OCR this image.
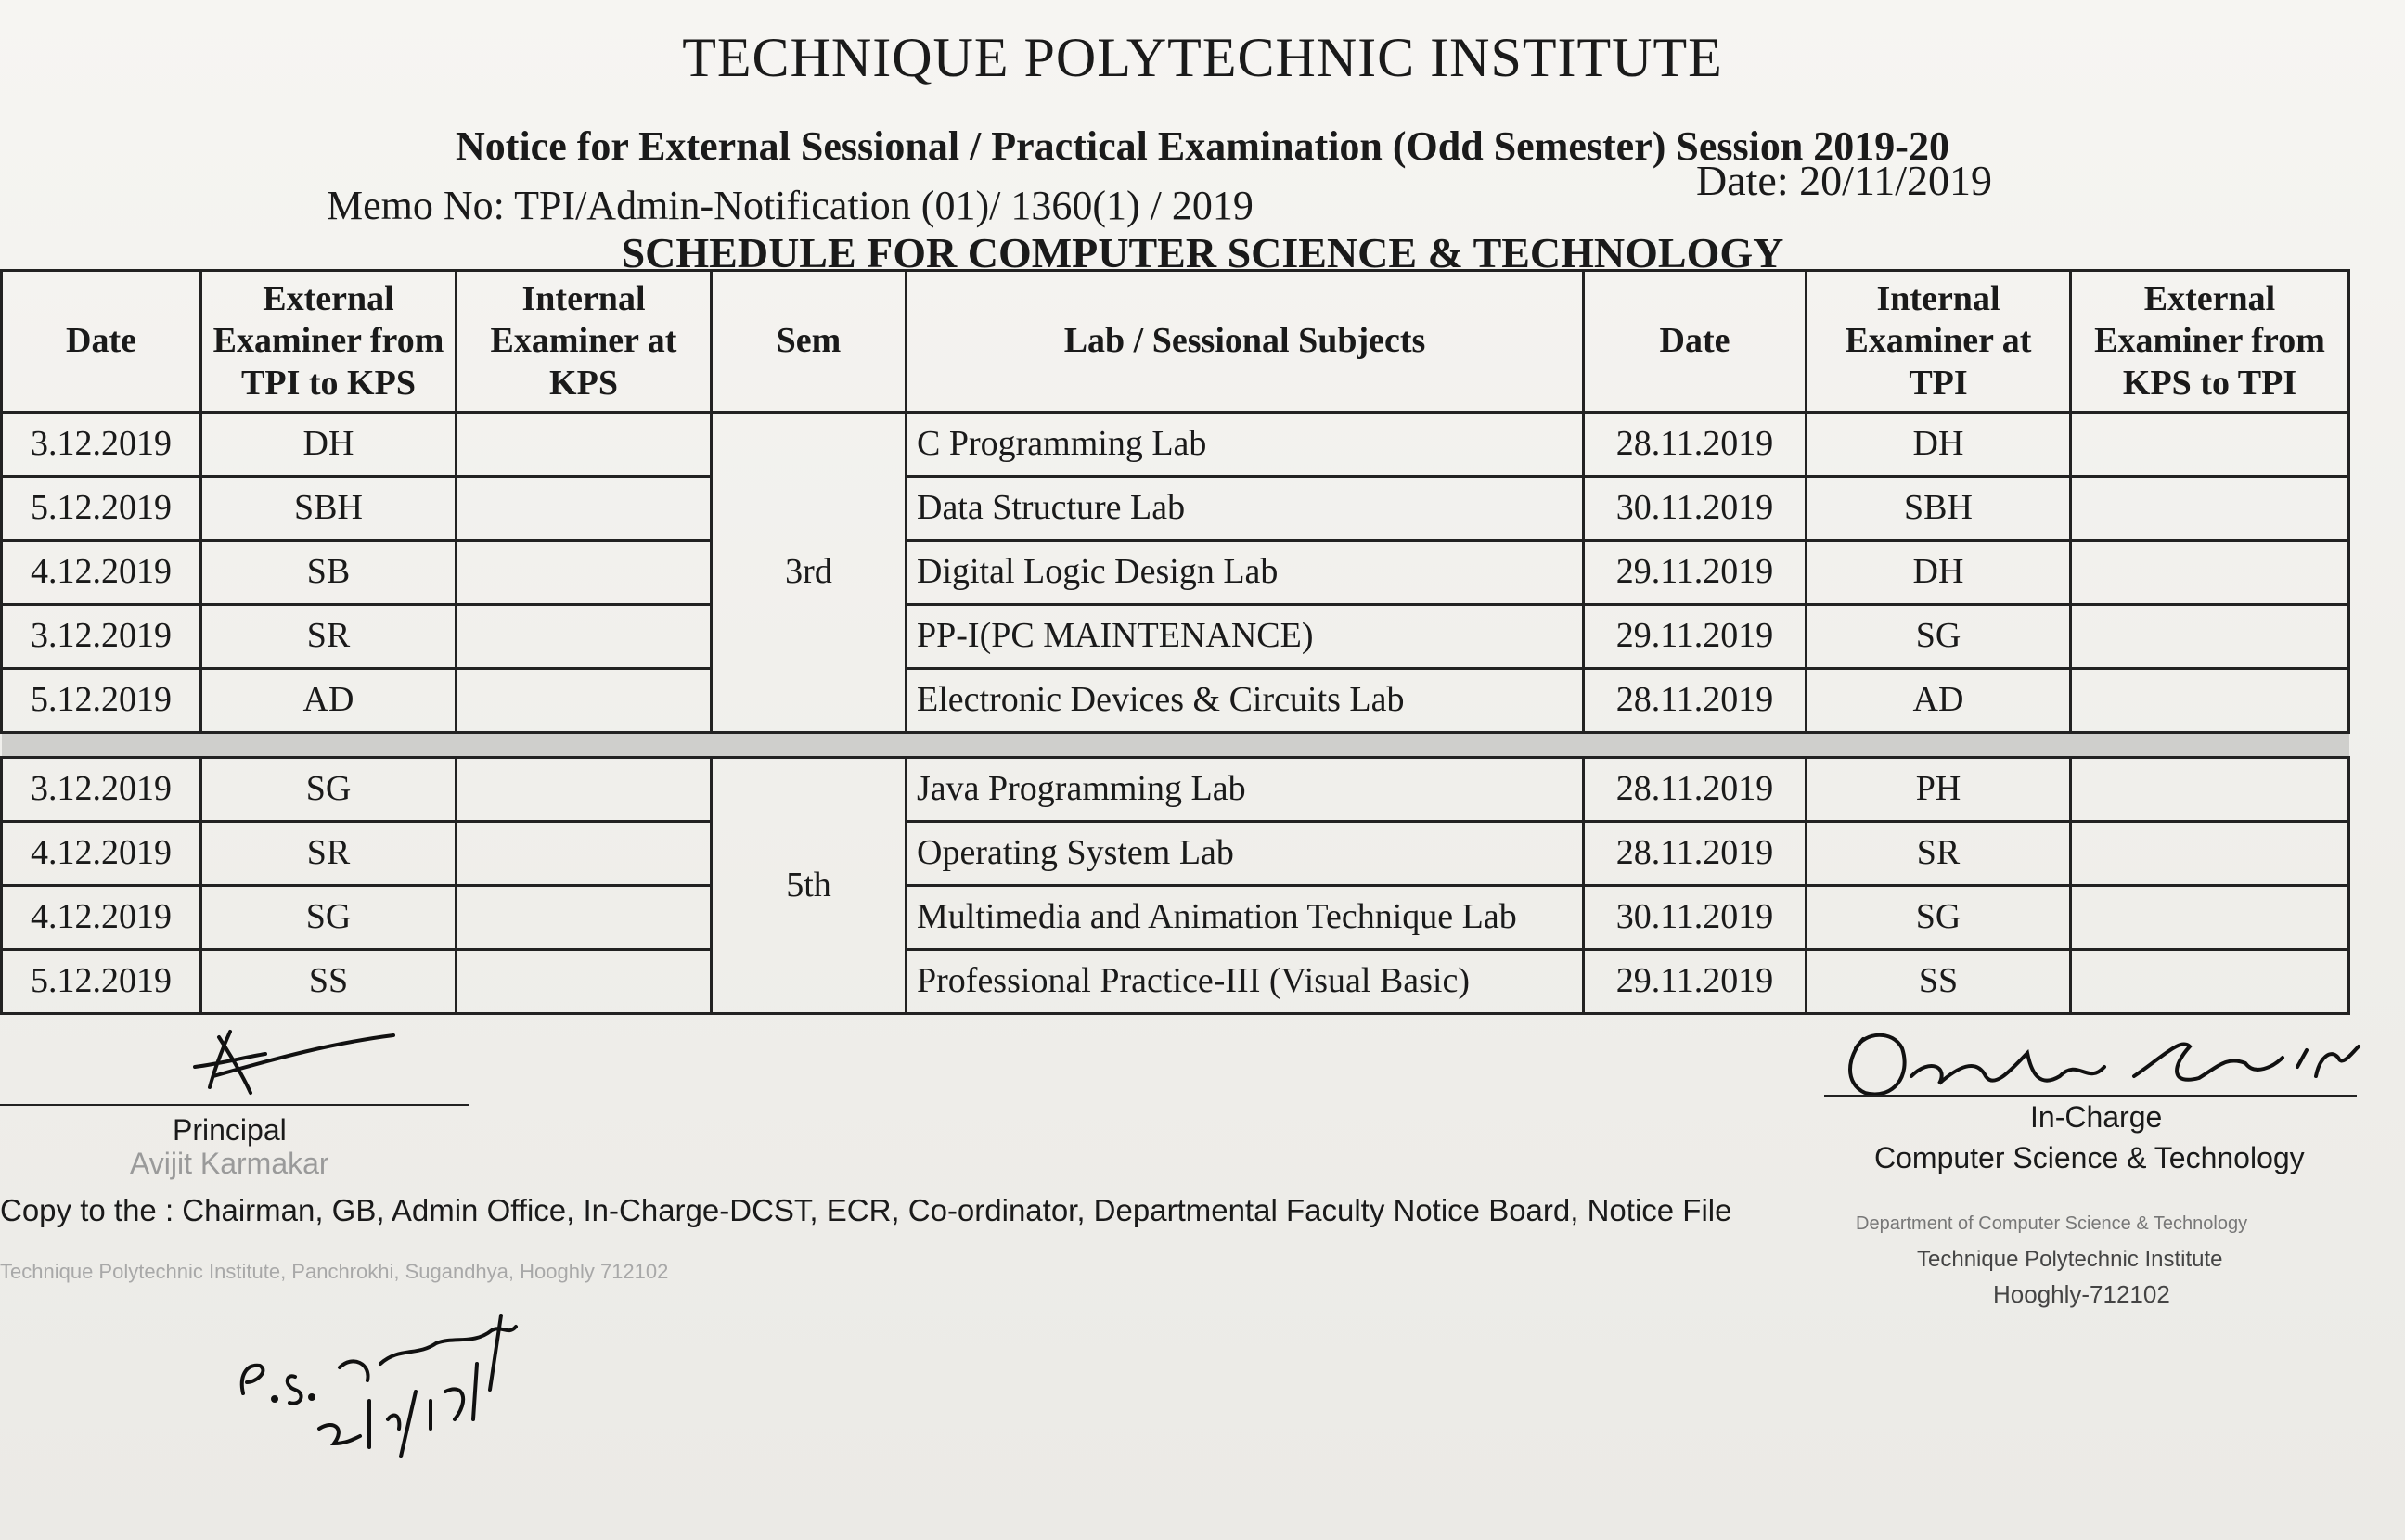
TECHNIQUE POLYTECHNIC INSTITUTE
Notice for External Sessional / Practical Examination (Odd Semester) Session 2019-20
Memo No: TPI/Admin-Notification (01)/ 1360(1) / 2019
Date: 20/11/2019
SCHEDULE FOR COMPUTER SCIENCE & TECHNOLOGY
Date	External Examiner from TPI to KPS	Internal Examiner at KPS	Sem	Lab / Sessional Subjects	Date	Internal Examiner at TPI	External Examiner from KPS to TPI
3.12.2019	DH		3rd	C Programming Lab	28.11.2019	DH	
5.12.2019	SBH			Data Structure Lab	30.11.2019	SBH	
4.12.2019	SB			Digital Logic Design Lab	29.11.2019	DH	
3.12.2019	SR			PP-I(PC MAINTENANCE)	29.11.2019	SG	
5.12.2019	AD			Electronic Devices & Circuits Lab	28.11.2019	AD	

3.12.2019	SG		5th	Java Programming Lab	28.11.2019	PH	
4.12.2019	SR			Operating System Lab	28.11.2019	SR	
4.12.2019	SG			Multimedia and Animation Technique Lab	30.11.2019	SG	
5.12.2019	SS			Professional Practice-III (Visual Basic)	29.11.2019	SS	
Principal
Avijit Karmakar
Technique Polytechnic Institute, Panchrokhi, Sugandhya, Hooghly 712102
Copy to the : Chairman, GB, Admin Office, In-Charge-DCST, ECR, Co-ordinator, Departmental Faculty Notice Board, Notice File
In-Charge
Computer Science & Technology
Department of Computer Science & Technology
Technique Polytechnic Institute
Hooghly-712102
